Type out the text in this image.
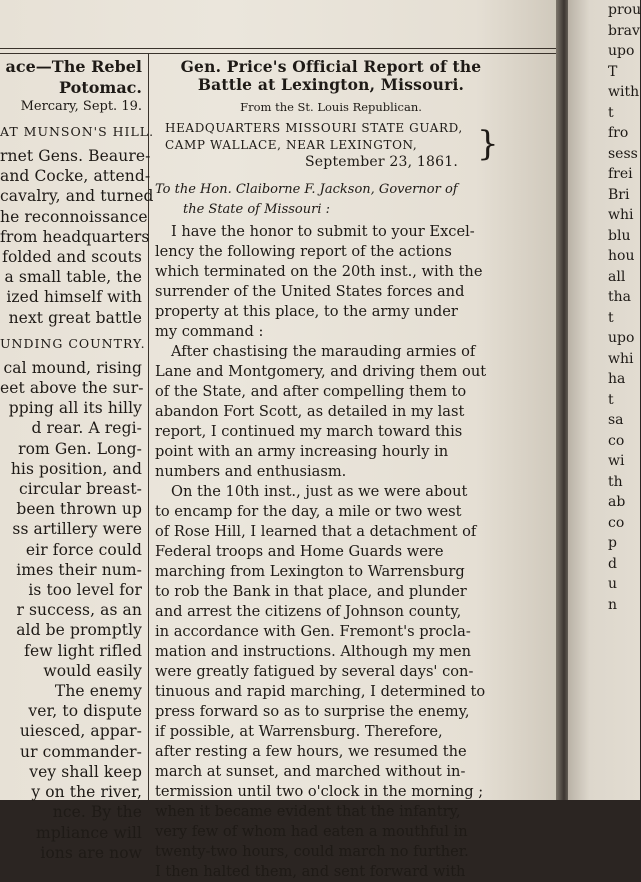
ace—The Rebel
Potomac.
Mercary, Sept. 19.
AT MUNSON'S HILL.
rnet Gens. Beaure-
and Cocke, attend-
cavalry, and turned
he reconnoissance
from headquarters
folded and scouts
a small table, the
ized himself with
next great battle
UNDING COUNTRY.
cal mound, rising
eet above the sur-
pping all its hilly
d rear. A regi-
rom Gen. Long-
his position, and
circular breast-
been thrown up
ss artillery were
eir force could
imes their num-
is too level for
r success, as an
ald be promptly
few light rifled
would easily
The enemy
ver, to dispute
uiesced, appar-
ur commander-
vey shall keep
y on the river,
nce. By the
mpliance will
ions are now
Gen. Price's Official Report of the
Battle at Lexington, Missouri.
From the St. Louis Republican.
HEADQUARTERS MISSOURI STATE GUARD,
CAMP WALLACE, NEAR LEXINGTON,
September 23, 1861. }
To the Hon. Claiborne F. Jackson, Governor of
the State of Missouri :
I have the honor to submit to your Excel-
lency the following report of the actions
which terminated on the 20th inst., with the
surrender of the United States forces and
property at this place, to the army under
my command :
After chastising the marauding armies of
Lane and Montgomery, and driving them out
of the State, and after compelling them to
abandon Fort Scott, as detailed in my last
report, I continued my march toward this
point with an army increasing hourly in
numbers and enthusiasm.
On the 10th inst., just as we were about
to encamp for the day, a mile or two west
of Rose Hill, I learned that a detachment of
Federal troops and Home Guards were
marching from Lexington to Warrensburg
to rob the Bank in that place, and plunder
and arrest the citizens of Johnson county,
in accordance with Gen. Fremont's procla-
mation and instructions. Although my men
were greatly fatigued by several days' con-
tinuous and rapid marching, I determined to
press forward so as to surprise the enemy,
if possible, at Warrensburg. Therefore,
after resting a few hours, we resumed the
march at sunset, and marched without in-
termission until two o'clock in the morning ;
when it became evident that the infantry,
very few of whom had eaten a mouthful in
twenty-two hours, could march no further.
I then halted them, and sent forward with
prou
brav
upo
T
with
t
fro
sess
frei
Bri
whi
blu
hou
all
tha
t
upo
whi
ha
t
sa
co
wi
th
ab
co
p
d
u
n
